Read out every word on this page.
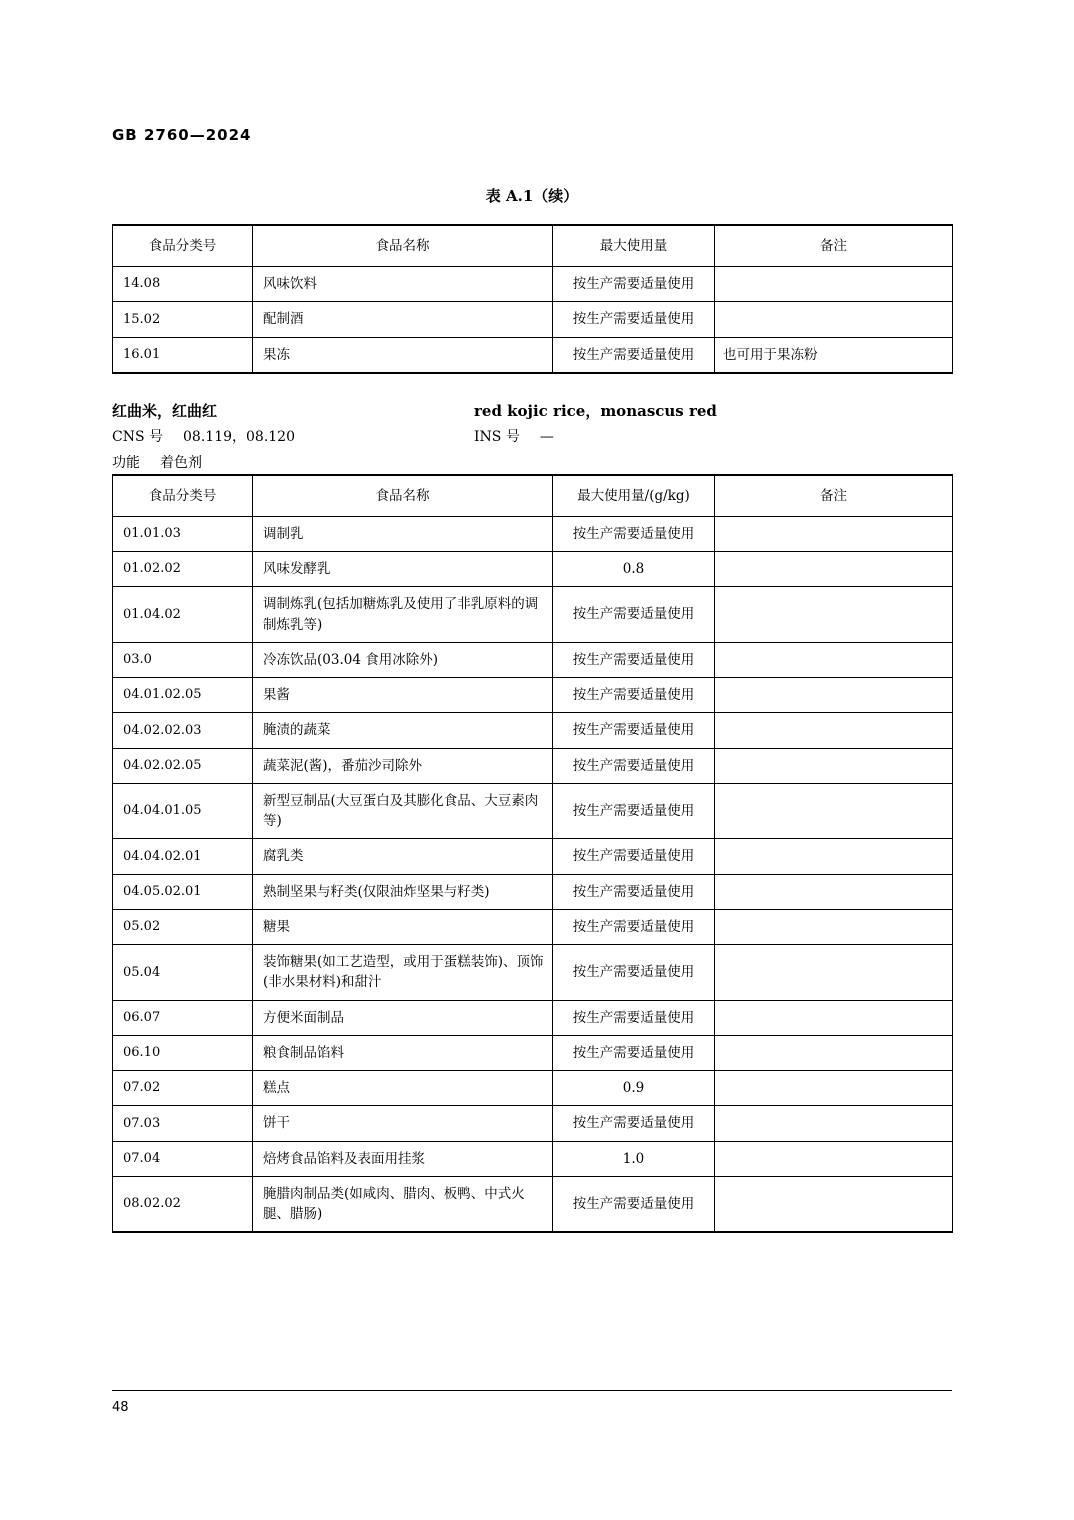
GB 2760—2024
表 A.1（续）
食品分类号	食品名称	最大使用量	备注
14.08	风味饮料	按生产需要适量使用	
15.02	配制酒	按生产需要适量使用	
16.01	果冻	按生产需要适量使用	也可用于果冻粉
红曲米，红曲红	red kojic rice，monascus red
CNS 号 08.119，08.120	INS 号 —
功能 着色剂
食品分类号	食品名称	最大使用量/(g/kg)	备注
01.01.03	调制乳	按生产需要适量使用	
01.02.02	风味发酵乳	0.8	
01.04.02	调制炼乳(包括加糖炼乳及使用了非乳原料的调制炼乳等)	按生产需要适量使用	
03.0	冷冻饮品(03.04 食用冰除外)	按生产需要适量使用	
04.01.02.05	果酱	按生产需要适量使用	
04.02.02.03	腌渍的蔬菜	按生产需要适量使用	
04.02.02.05	蔬菜泥(酱)，番茄沙司除外	按生产需要适量使用	
04.04.01.05	新型豆制品(大豆蛋白及其膨化食品、大豆素肉等)	按生产需要适量使用	
04.04.02.01	腐乳类	按生产需要适量使用	
04.05.02.01	熟制坚果与籽类(仅限油炸坚果与籽类)	按生产需要适量使用	
05.02	糖果	按生产需要适量使用	
05.04	装饰糖果(如工艺造型，或用于蛋糕装饰)、顶饰(非水果材料)和甜汁	按生产需要适量使用	
06.07	方便米面制品	按生产需要适量使用	
06.10	粮食制品馅料	按生产需要适量使用	
07.02	糕点	0.9	
07.03	饼干	按生产需要适量使用	
07.04	焙烤食品馅料及表面用挂浆	1.0	
08.02.02	腌腊肉制品类(如咸肉、腊肉、板鸭、中式火腿、腊肠)	按生产需要适量使用	
48
